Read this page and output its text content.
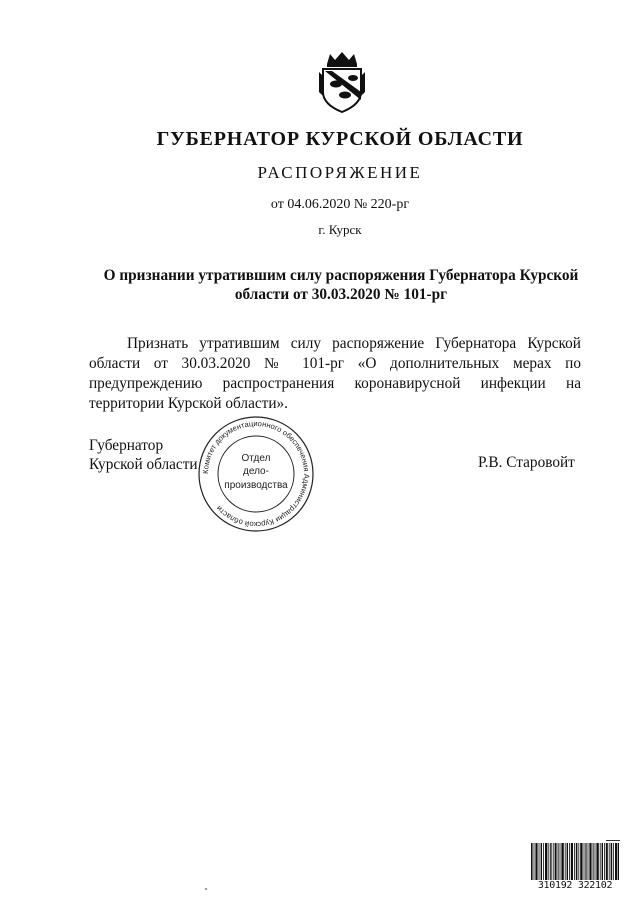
ГУБЕРНАТОР КУРСКОЙ ОБЛАСТИ
РАСПОРЯЖЕНИЕ
от 04.06.2020 № 220-рг
г. Курск
О признании утратившим силу распоряжения Губернатора Курской
области от 30.03.2020 № 101-рг
Признать утратившим силу распоряжение Губернатора Курской области от 30.03.2020 № 101-рг «О дополнительных мерах по предупреждению распространения коронавирусной инфекции на территории Курской области».
Губернатор
Курской области	Р.В. Старовойт
Комитет документационного обеспечения Администрации Курской области
Отдел
дело-
производства
310192 322102
